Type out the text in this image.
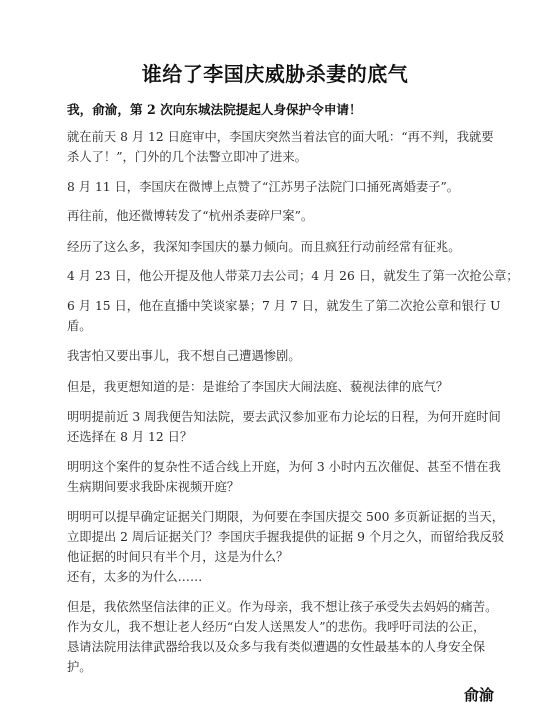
谁给了李国庆威胁杀妻的底气
我，俞渝，第 2 次向东城法院提起人身保护令申请！
就在前天 8 月 12 日庭审中，李国庆突然当着法官的面大吼：“再不判，我就要
杀人了！”，门外的几个法警立即冲了进来。
8 月 11 日，李国庆在微博上点赞了“江苏男子法院门口捅死离婚妻子”。
再往前，他还微博转发了“杭州杀妻碎尸案”。
经历了这么多，我深知李国庆的暴力倾向。而且疯狂行动前经常有征兆。
4 月 23 日，他公开提及他人带菜刀去公司；4 月 26 日，就发生了第一次抢公章；
6 月 15 日，他在直播中笑谈家暴；7 月 7 日，就发生了第二次抢公章和银行 U
盾。
我害怕又要出事儿，我不想自己遭遇惨剧。
但是，我更想知道的是：是谁给了李国庆大闹法庭、藐视法律的底气？
明明提前近 3 周我便告知法院，要去武汉参加亚布力论坛的日程，为何开庭时间
还选择在 8 月 12 日？
明明这个案件的复杂性不适合线上开庭，为何 3 小时内五次催促、甚至不惜在我
生病期间要求我卧床视频开庭？
明明可以提早确定证据关门期限，为何要在李国庆提交 500 多页新证据的当天，
立即提出 2 周后证据关门？李国庆手握我提供的证据 9 个月之久，而留给我反驳
他证据的时间只有半个月，这是为什么？
还有，太多的为什么……
但是，我依然坚信法律的正义。作为母亲，我不想让孩子承受失去妈妈的痛苦。
作为女儿，我不想让老人经历“白发人送黑发人”的悲伤。我呼吁司法的公正，
恳请法院用法律武器给我以及众多与我有类似遭遇的女性最基本的人身安全保
护。
俞渝
